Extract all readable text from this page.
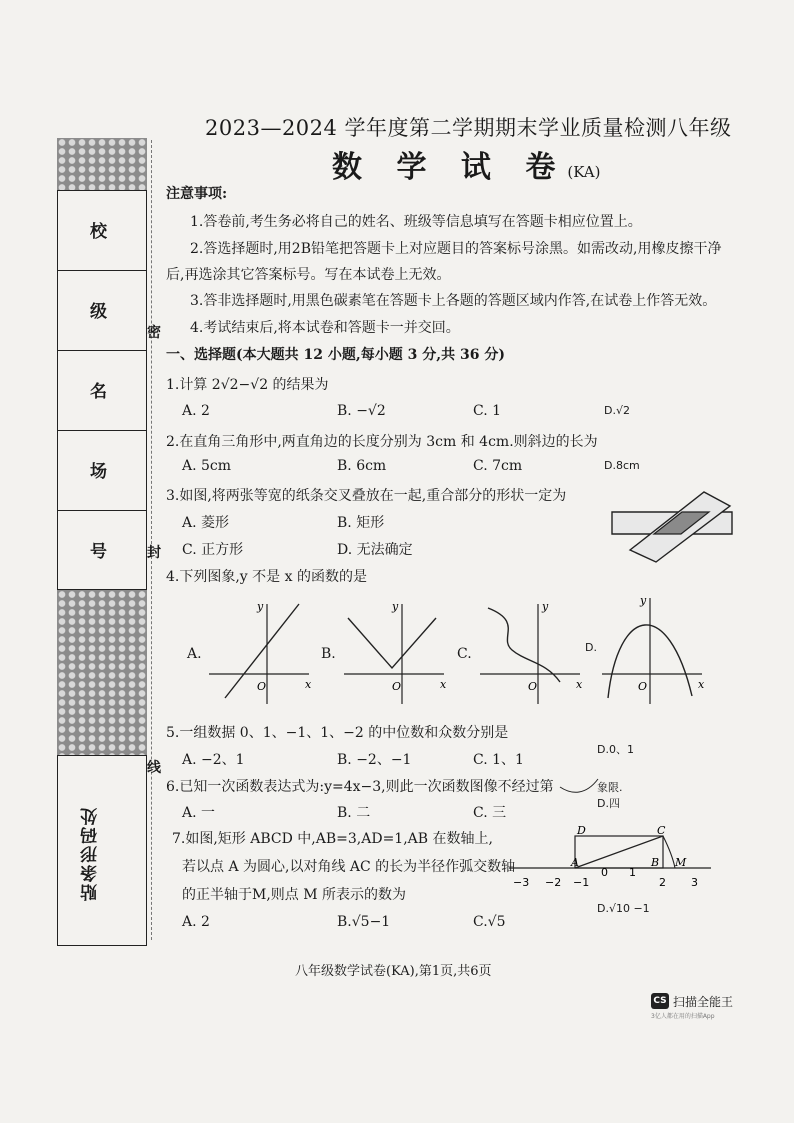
校
级
名
场
号
贴条形码处
密
封
线
2023—2024 学年度第二学期期末学业质量检测八年级
数 学 试 卷(KA)
注意事项:
1.答卷前,考生务必将自己的姓名、班级等信息填写在答题卡相应位置上。
2.答选择题时,用2B铅笔把答题卡上对应题目的答案标号涂黑。如需改动,用橡皮擦干净
后,再选涂其它答案标号。写在本试卷上无效。
3.答非选择题时,用黑色碳素笔在答题卡上各题的答题区域内作答,在试卷上作答无效。
4.考试结束后,将本试卷和答题卡一并交回。
一、选择题(本大题共 12 小题,每小题 3 分,共 36 分)
1.计算 2√2−√2 的结果为
A. 2	B. −√2	C. 1	D.√2
2.在直角三角形中,两直角边的长度分别为 3cm 和 4cm.则斜边的长为
A. 5cm	B. 6cm	C. 7cm	D.8cm
3.如图,将两张等宽的纸条交叉叠放在一起,重合部分的形状一定为
A. 菱形	B. 矩形
C. 正方形	D. 无法确定
4.下列图象,y 不是 x 的函数的是
A.
y
x
O
B.
y
x
O
C.
y
x
O
D.
y
x
O
5.一组数据 0、1、−1、1、−2 的中位数和众数分别是
A. −2、1	B. −2、−1	C. 1、1
D.0、1
6.已知一次函数表达式为:y=4x−3,则此一次函数图像不经过第	象限.
A. 一	B. 二	C. 三
D.四
7.如图,矩形 ABCD 中,AB=3,AD=1,AB 在数轴上,
若以点 A 为圆心,以对角线 AC 的长为半径作弧交数轴
的正半轴于M,则点 M 所表示的数为
A. 2	B.√5−1	C.√5
D.√10 −1
D	C
A	B M
−3 −2 −1
0 1
2 3
八年级数学试卷(KA),第1页,共6页
CS 扫描全能王
3亿人都在用的扫描App
